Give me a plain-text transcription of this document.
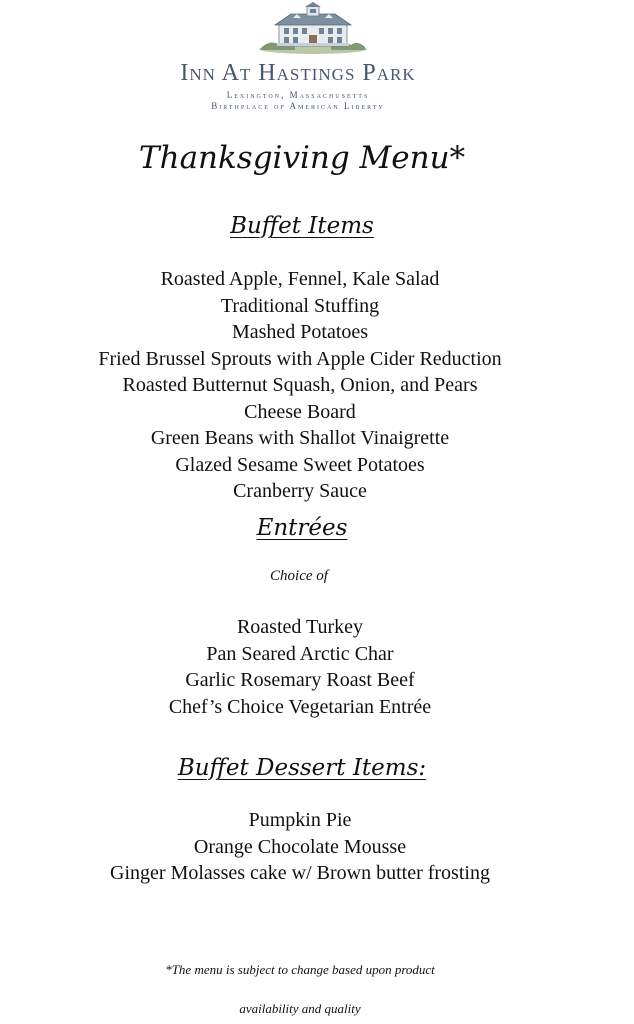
Inn At Hastings Park
Lexington, Massachusetts
Birthplace of American Liberty
Thanksgiving Menu*
Buffet Items
Roasted Apple, Fennel, Kale Salad
Traditional Stuffing
Mashed Potatoes
Fried Brussel Sprouts with Apple Cider Reduction
Roasted Butternut Squash, Onion, and Pears
Cheese Board
Green Beans with Shallot Vinaigrette
Glazed Sesame Sweet Potatoes
Cranberry Sauce
Entrées
Choice of
Roasted Turkey
Pan Seared Arctic Char
Garlic Rosemary Roast Beef
Chef’s Choice Vegetarian Entrée
Buffet Dessert Items:
Pumpkin Pie
Orange Chocolate Mousse
Ginger Molasses cake w/ Brown butter frosting
*The menu is subject to change based upon product
availability and quality
